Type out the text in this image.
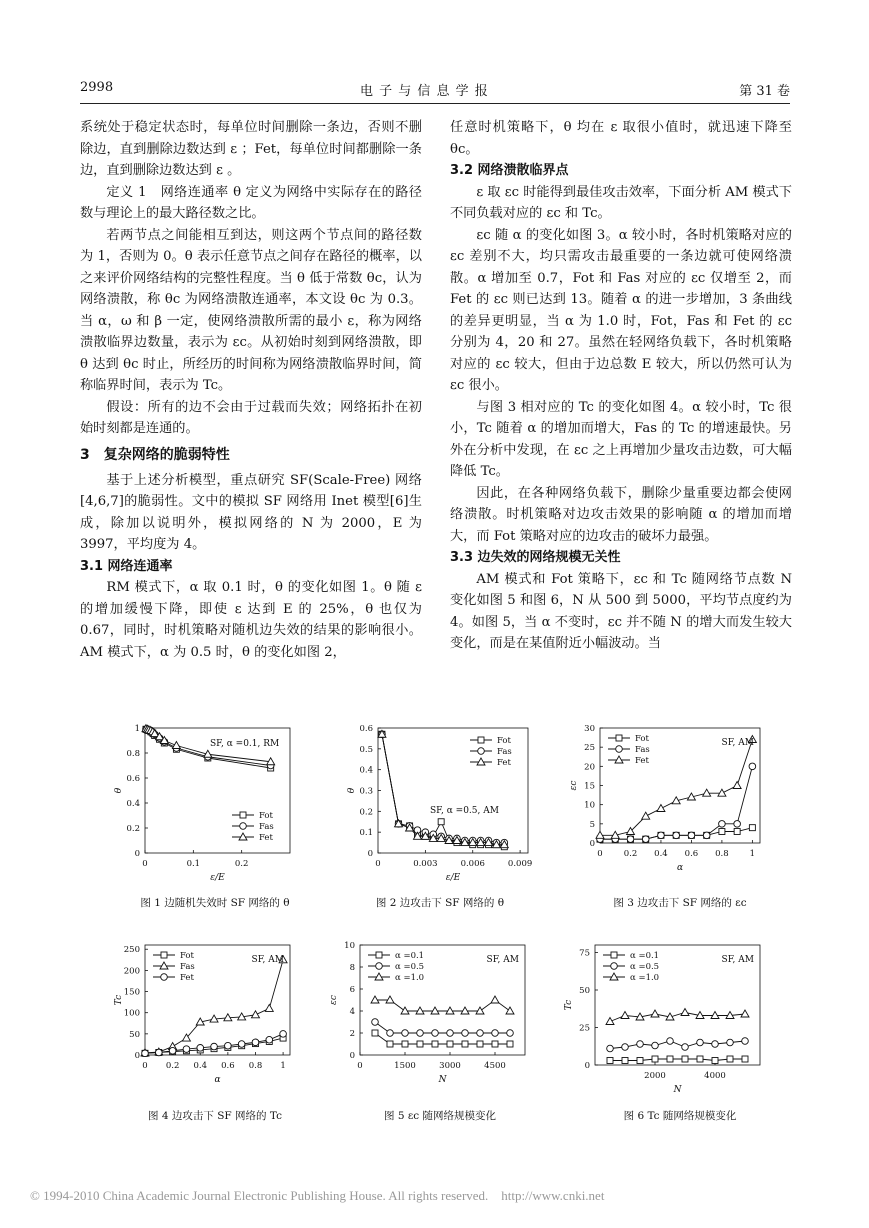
2998	电 子 与 信 息 学 报	第 31 卷

系统处于稳定状态时，每单位时间删除一条边，否则不删除边，直到删除边数达到 ε ；Fet，每单位时间都删除一条边，直到删除边数达到 ε 。

定义 1　网络连通率 θ 定义为网络中实际存在的路径数与理论上的最大路径数之比。

若两节点之间能相互到达，则这两个节点间的路径数为 1，否则为 0。θ 表示任意节点之间存在路径的概率，以之来评价网络结构的完整性程度。当 θ 低于常数 θc，认为网络溃散，称 θc 为网络溃散连通率，本文设 θc 为 0.3。当 α，ω 和 β 一定，使网络溃散所需的最小 ε，称为网络溃散临界边数量，表示为 εc。从初始时刻到网络溃散，即 θ 达到 θc 时止，所经历的时间称为网络溃散临界时间，简称临界时间，表示为 Tc。

假设：所有的边不会由于过载而失效；网络拓扑在初始时刻都是连通的。

3　复杂网络的脆弱特性

基于上述分析模型，重点研究 SF(Scale-Free) 网络[4,6,7]的脆弱性。文中的模拟 SF 网络用 Inet 模型[6]生成，除加以说明外，模拟网络的 N 为 2000，E 为 3997，平均度为 4。

3.1 网络连通率

RM 模式下，α 取 0.1 时，θ 的变化如图 1。θ 随 ε 的增加缓慢下降，即使 ε 达到 E 的 25%，θ 也仅为 0.67，同时，时机策略对随机边失效的结果的影响很小。AM 模式下，α 为 0.5 时，θ 的变化如图 2，

任意时机策略下，θ 均在 ε 取很小值时，就迅速下降至 θc。

3.2 网络溃散临界点

ε 取 εc 时能得到最佳攻击效率，下面分析 AM 模式下不同负载对应的 εc 和 Tc。

εc 随 α 的变化如图 3。α 较小时，各时机策略对应的 εc 差别不大，均只需攻击最重要的一条边就可使网络溃散。α 增加至 0.7，Fot 和 Fas 对应的 εc 仅增至 2，而 Fet 的 εc 则已达到 13。随着 α 的进一步增加，3 条曲线的差异更明显，当 α 为 1.0 时，Fot，Fas 和 Fet 的 εc 分别为 4，20 和 27。虽然在轻网络负载下，各时机策略对应的 εc 较大，但由于边总数 E 较大，所以仍然可认为 εc 很小。

与图 3 相对应的 Tc 的变化如图 4。α 较小时，Tc 很小，Tc 随着 α 的增加而增大，Fas 的 Tc 的增速最快。另外在分析中发现，在 εc 之上再增加少量攻击边数，可大幅降低 Tc。

因此，在各种网络负载下，删除少量重要边都会使网络溃散。时机策略对边攻击效果的影响随 α 的增加而增大，而 Fot 策略对应的边攻击的破坏力最强。

3.3 边失效的网络规模无关性

AM 模式和 Fot 策略下，εc 和 Tc 随网络节点数 N 变化如图 5 和图 6，N 从 500 到 5000，平均节点度约为 4。如图 5，当 α 不变时，εc 并不随 N 的增大而发生较大变化，而是在某值附近小幅波动。当

0
0.2
0.4
0.6
0.8
1
0	0.1	0.2
ε/E
θ
Fot
Fas
Fet
SF, α =0.1, RM
0
0.1
0.2
0.3
0.4
0.5
0.6
0	0.003	0.006	0.009
ε/E
θ
Fot
Fas
Fet
SF, α =0.5, AM
0
5
10
15
20
25
30
0 0.2 0.4 0.6 0.8 1
α
εc
Fot
Fas
Fet
SF, AM
0
50
100
150
200
250
0 0.2 0.4 0.6 0.8 1
α
Tc
Fot
Fas
Fet
SF, AM
0
2
4
6
8
10
0	1500	3000	4500
N
εc
α =0.1
α =0.5
α =1.0
SF, AM
0
25
50
75
2000	4000
N
Tc
α =0.1
α =0.5
α =1.0
SF, AM
图 1 边随机失效时 SF 网络的 θ	图 2 边攻击下 SF 网络的 θ	图 3 边攻击下 SF 网络的 εc
图 4 边攻击下 SF 网络的 Tc	图 5 εc 随网络规模变化	图 6 Tc 随网络规模变化
© 1994-2010 China Academic Journal Electronic Publishing House. All rights reserved.　http://www.cnki.net
